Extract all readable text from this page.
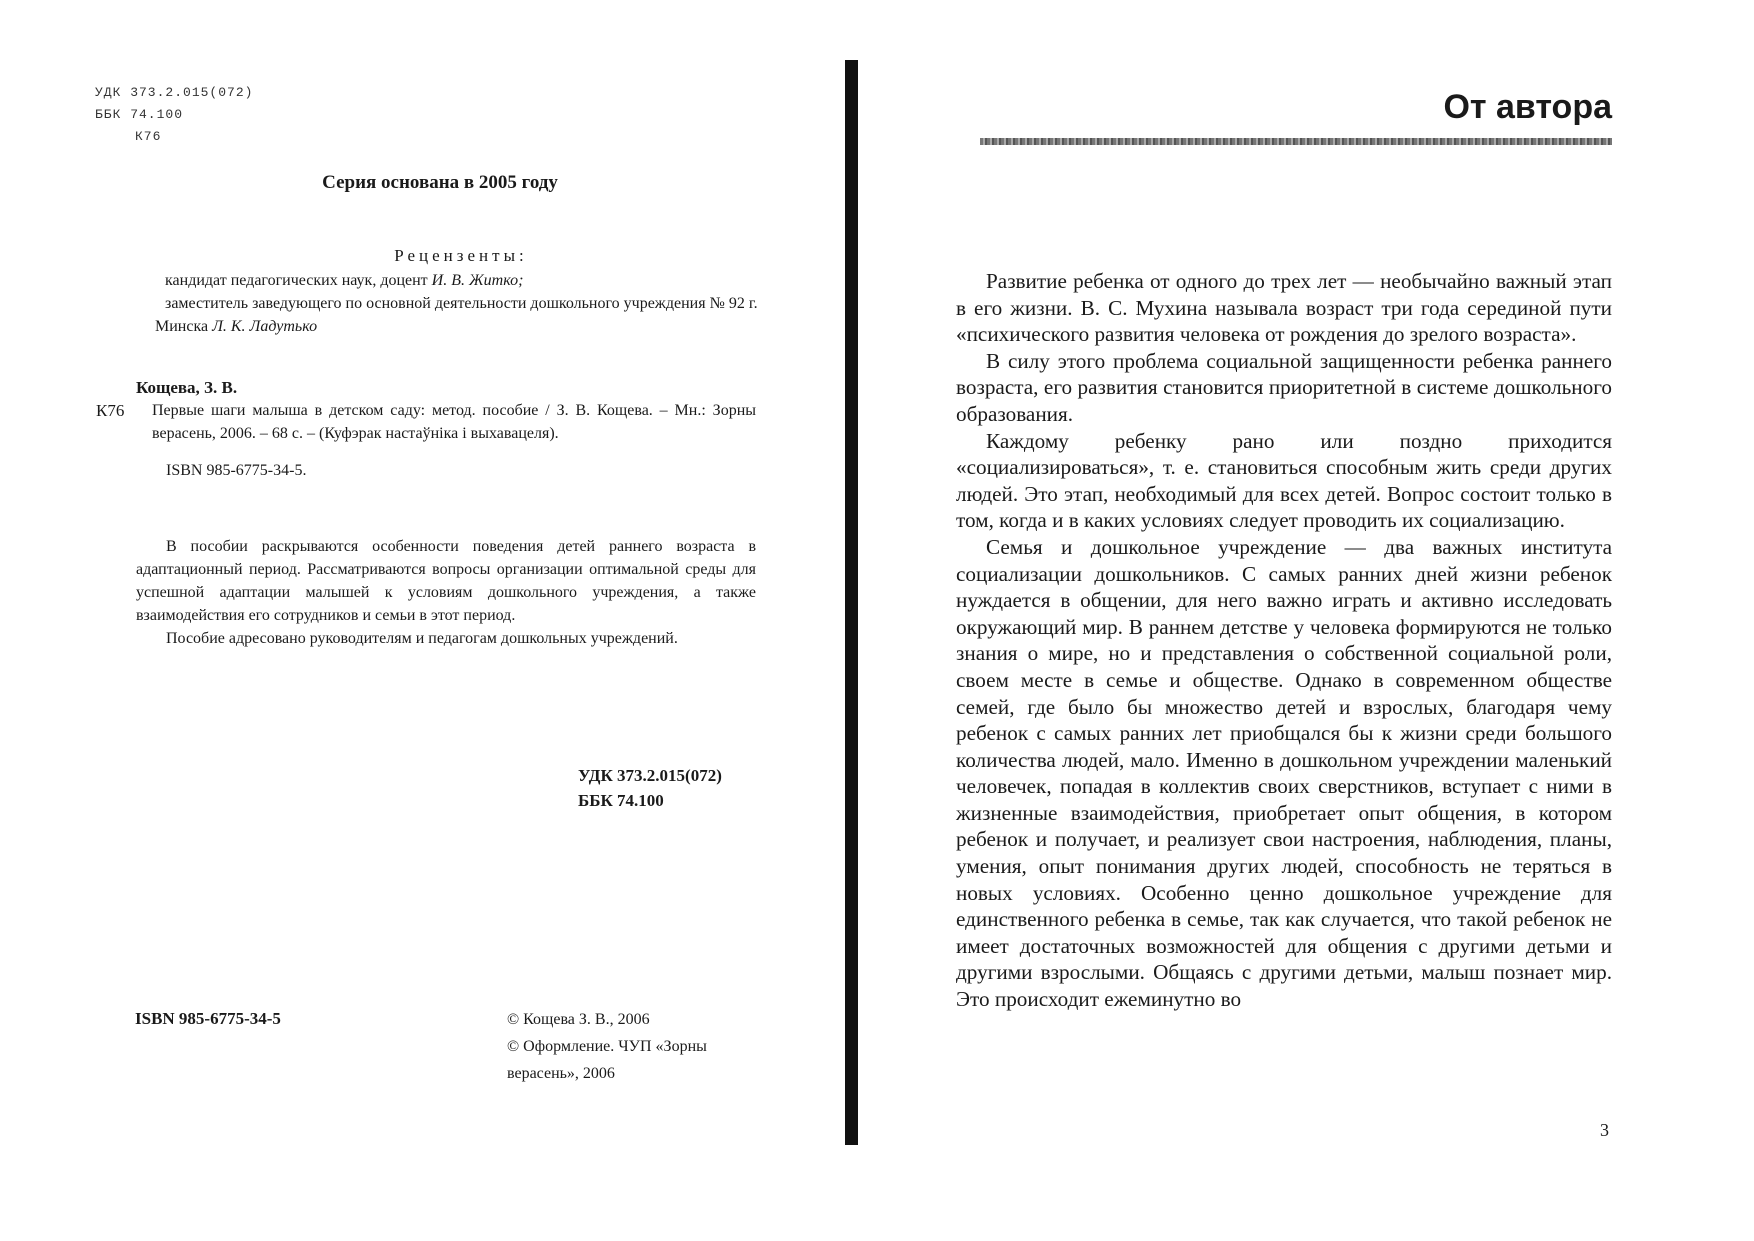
УДК 373.2.015(072)
ББК 74.100
К76
Серия основана в 2005 году
Рецензенты:
кандидат педагогических наук, доцент И. В. Житко;
заместитель заведующего по основной деятельности дошкольного учреждения № 92 г. Минска Л. К. Ладутько
Кощева, З. В.
К76	Первые шаги малыша в детском саду: метод. пособие / З. В. Кощева. – Мн.: Зорны верасень, 2006. – 68 с. – (Куфэрак настаўніка і выхавацеля).
ISBN 985-6775-34-5.

В пособии раскрываются особенности поведения детей раннего возраста в адаптационный период. Рассматриваются вопросы организации оптимальной среды для успешной адаптации малышей к условиям дошкольного учреждения, а также взаимодействия его сотрудников и семьи в этот период.

Пособие адресовано руководителям и педагогам дошкольных учреждений.

УДК 373.2.015(072)
ББК 74.100
ISBN 985-6775-34-5	© Кощева З. В., 2006
© Оформление. ЧУП «Зорны верасень», 2006
От автора

Развитие ребенка от одного до трех лет — необычайно важный этап в его жизни. В. С. Мухина называла возраст три года серединой пути «психического развития человека от рождения до зрелого возраста».

В силу этого проблема социальной защищенности ребенка раннего возраста, его развития становится приоритетной в системе дошкольного образования.

Каждому ребенку рано или поздно приходится «социализироваться», т. е. становиться способным жить среди других людей. Это этап, необходимый для всех детей. Вопрос состоит только в том, когда и в каких условиях следует проводить их социализацию.

Семья и дошкольное учреждение — два важных института социализации дошкольников. С самых ранних дней жизни ребенок нуждается в общении, для него важно играть и активно исследовать окружающий мир. В раннем детстве у человека формируются не только знания о мире, но и представления о собственной социальной роли, своем месте в семье и обществе. Однако в современном обществе семей, где было бы множество детей и взрослых, благодаря чему ребенок с самых ранних лет приобщался бы к жизни среди большого количества людей, мало. Именно в дошкольном учреждении маленький человечек, попадая в коллектив своих сверстников, вступает с ними в жизненные взаимодействия, приобретает опыт общения, в котором ребенок и получает, и реализует свои настроения, наблюдения, планы, умения, опыт понимания других людей, способность не теряться в новых условиях. Особенно ценно дошкольное учреждение для единственного ребенка в семье, так как случается, что такой ребенок не имеет достаточных возможностей для общения с другими детьми и другими взрослыми. Общаясь с другими детьми, малыш познает мир. Это происходит ежеминутно во

3
